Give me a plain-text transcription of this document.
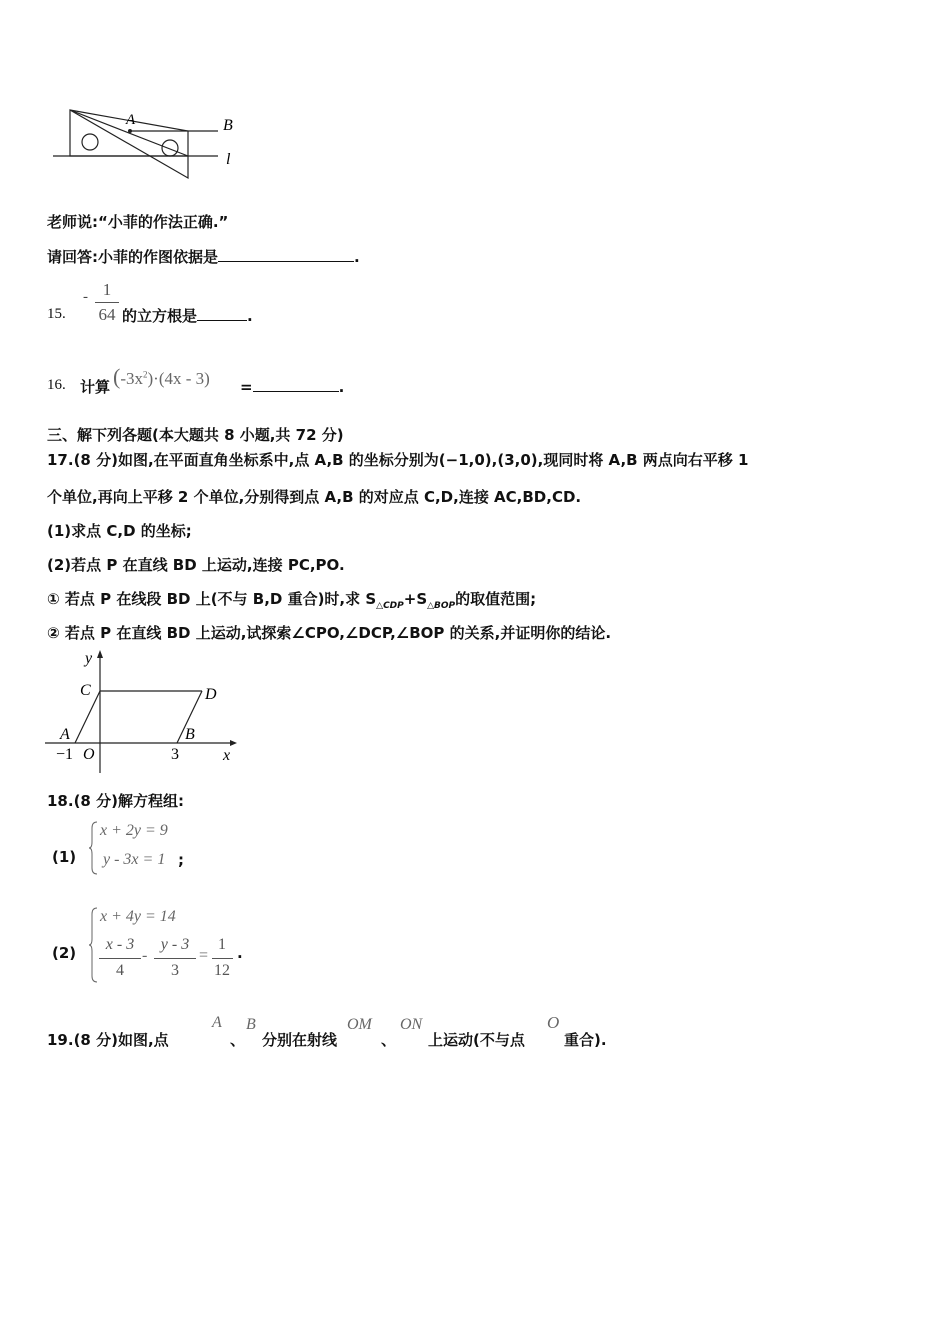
A	B
l
老师说:“小菲的作法正确.”
请回答:小菲的作图依据是	.
15.
- 1
64 的立方根是	.
16. 计算 $(-3x^2)\cdot(4x - 3)$ =	.
三、解下列各题(本大题共 8 小题,共 72 分)
17.(8 分)如图,在平面直角坐标系中,点 A,B 的坐标分别为(−1,0),(3,0),现同时将 A,B 两点向右平移 1
个单位,再向上平移 2 个单位,分别得到点 A,B 的对应点 C,D,连接 AC,BD,CD.
(1)求点 C,D 的坐标;
(2)若点 P 在直线 BD 上运动,连接 PC,PO.
① 若点 P 在线段 BD 上(不与 B,D 重合)时,求 $S_{\triangle CDP}+S_{\triangle BOP}$的取值范围;
② 若点 P 在直线 BD 上运动,试探索∠CPO,∠DCP,∠BOP 的关系,并证明你的结论.
y
C	D
A	B
−1 O	3	x
18.(8 分)解方程组:
(1)
x + 2y = 9
y - 3x = 1 ;
(2)
x + 4y = 14
x - 3
4
-
y - 3
3
=
1
12
.
19.(8 分)如图,点
A
、
B
分别在射线
OM
、
ON
上运动(不与点
O
重合).
